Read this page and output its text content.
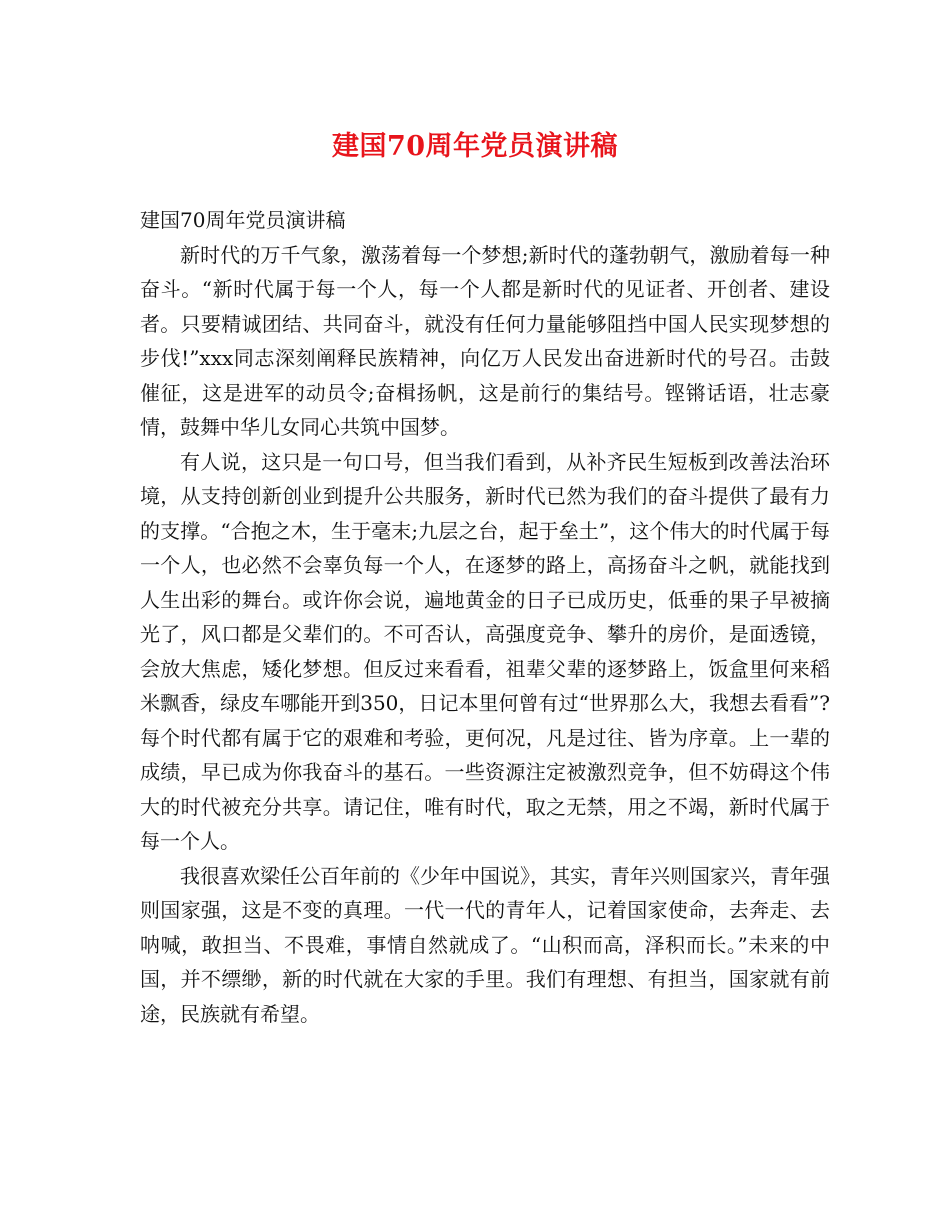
建国70周年党员演讲稿
建国70周年党员演讲稿

新时代的万千气象，激荡着每一个梦想;新时代的蓬勃朝气，激励着每一种奋斗。“新时代属于每一个人，每一个人都是新时代的见证者、开创者、建设者。只要精诚团结、共同奋斗，就没有任何力量能够阻挡中国人民实现梦想的步伐!”xxx同志深刻阐释民族精神，向亿万人民发出奋进新时代的号召。击鼓催征，这是进军的动员令;奋楫扬帆，这是前行的集结号。铿锵话语，壮志豪情，鼓舞中华儿女同心共筑中国梦。

有人说，这只是一句口号，但当我们看到，从补齐民生短板到改善法治环境，从支持创新创业到提升公共服务，新时代已然为我们的奋斗提供了最有力的支撑。“合抱之木，生于毫末;九层之台，起于垒土”，这个伟大的时代属于每一个人，也必然不会辜负每一个人，在逐梦的路上，高扬奋斗之帆，就能找到人生出彩的舞台。或许你会说，遍地黄金的日子已成历史，低垂的果子早被摘光了，风口都是父辈们的。不可否认，高强度竞争、攀升的房价，是面透镜，会放大焦虑，矮化梦想。但反过来看看，祖辈父辈的逐梦路上，饭盒里何来稻米飘香，绿皮车哪能开到350，日记本里何曾有过“世界那么大，我想去看看”?每个时代都有属于它的艰难和考验，更何况，凡是过往、皆为序章。上一辈的成绩，早已成为你我奋斗的基石。一些资源注定被激烈竞争，但不妨碍这个伟大的时代被充分共享。请记住，唯有时代，取之无禁，用之不竭，新时代属于每一个人。

我很喜欢梁任公百年前的《少年中国说》，其实，青年兴则国家兴，青年强则国家强，这是不变的真理。一代一代的青年人，记着国家使命，去奔走、去呐喊，敢担当、不畏难，事情自然就成了。“山积而高，泽积而长。”未来的中国，并不缥缈，新的时代就在大家的手里。我们有理想、有担当，国家就有前途，民族就有希望。
